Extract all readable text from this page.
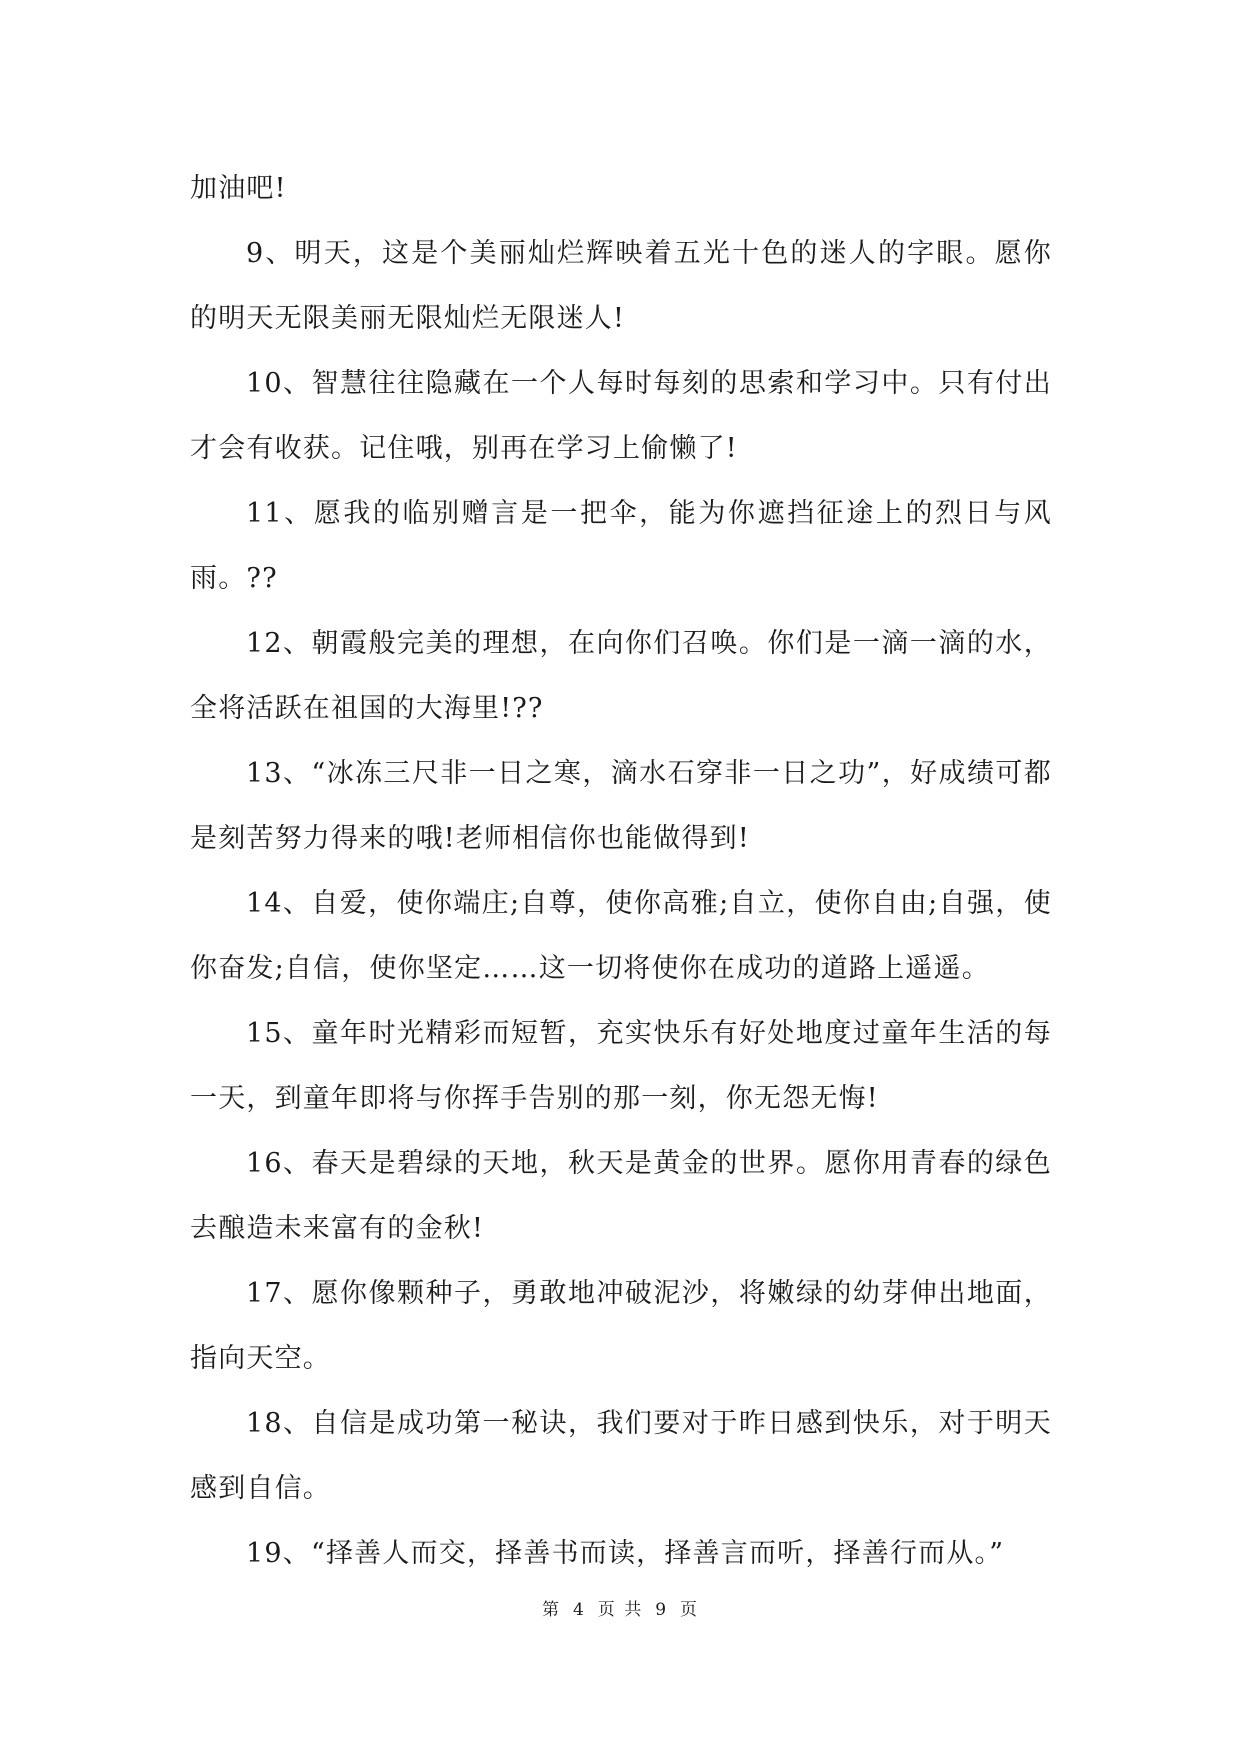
加油吧!

9、明天，这是个美丽灿烂辉映着五光十色的迷人的字眼。愿你的明天无限美丽无限灿烂无限迷人!

10、智慧往往隐藏在一个人每时每刻的思索和学习中。只有付出才会有收获。记住哦，别再在学习上偷懒了!

11、愿我的临别赠言是一把伞，能为你遮挡征途上的烈日与风雨。??

12、朝霞般完美的理想，在向你们召唤。你们是一滴一滴的水，全将活跃在祖国的大海里!??

13、“冰冻三尺非一日之寒，滴水石穿非一日之功”，好成绩可都是刻苦努力得来的哦!老师相信你也能做得到!

14、自爱，使你端庄;自尊，使你高雅;自立，使你自由;自强，使你奋发;自信，使你坚定……这一切将使你在成功的道路上遥遥。

15、童年时光精彩而短暂，充实快乐有好处地度过童年生活的每一天，到童年即将与你挥手告别的那一刻，你无怨无悔!

16、春天是碧绿的天地，秋天是黄金的世界。愿你用青春的绿色去酿造未来富有的金秋!

17、愿你像颗种子，勇敢地冲破泥沙，将嫩绿的幼芽伸出地面，指向天空。

18、自信是成功第一秘诀，我们要对于昨日感到快乐，对于明天感到自信。

19、“择善人而交，择善书而读，择善言而听，择善行而从。”

第 4 页 共 9 页
